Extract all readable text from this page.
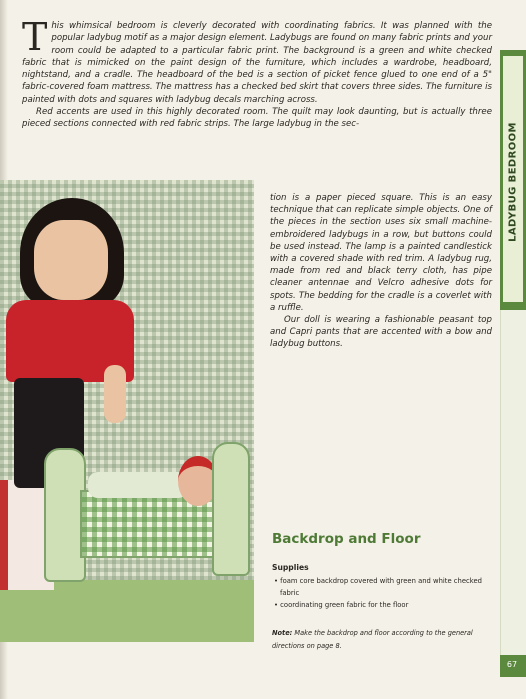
This whimsical bedroom is cleverly decorated with coordinating fabrics. It was planned with the popular ladybug motif as a major design element. Ladybugs are found on many fabric prints and your room could be adapted to a particular fabric print. The background is a green and white checked fabric that is mimicked on the paint design of the furniture, which includes a wardrobe, headboard, nightstand, and a cradle. The headboard of the bed is a section of picket fence glued to one end of a 5" fabric-covered foam mattress. The mattress has a checked bed skirt that covers three sides. The furniture is painted with dots and squares with ladybug decals marching across.

Red accents are used in this highly decorated room. The quilt may look daunting, but is actually three pieced sections connected with red fabric strips. The large ladybug in the sec-	LADYBUG BEDROOM
67

tion is a paper pieced square. This is an easy technique that can replicate simple objects. One of the pieces in the section uses six small machine-embroidered ladybugs in a row, but buttons could be used instead. The lamp is a painted candlestick with a covered shade with red trim. A ladybug rug, made from red and black terry cloth, has pipe cleaner antennae and Velcro adhesive dots for spots. The bedding for the cradle is a coverlet with a ruffle.

Our doll is wearing a fashionable peasant top and Capri pants that are accented with a bow and ladybug buttons.

Backdrop and Floor
Supplies
• foam core backdrop covered with green and white checked fabric
• coordinating green fabric for the floor
Note: Make the backdrop and floor according to the general directions on page 8.
